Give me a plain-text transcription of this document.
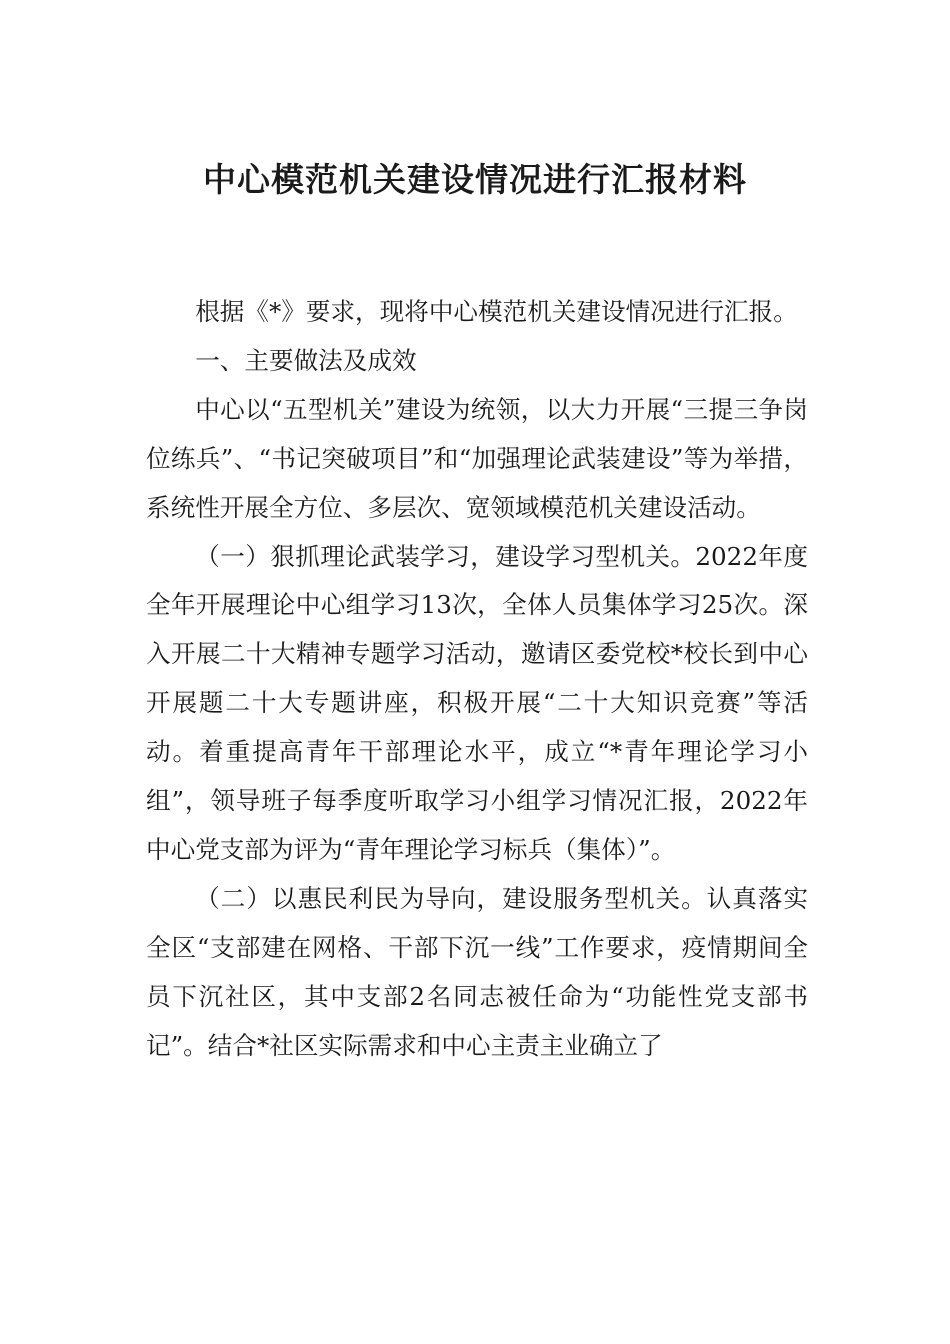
中心模范机关建设情况进行汇报材料

根据《*》要求，现将中心模范机关建设情况进行汇报。

一、主要做法及成效

中心以“五型机关”建设为统领，以大力开展“三提三争岗位练兵”、“书记突破项目”和“加强理论武装建设”等为举措，系统性开展全方位、多层次、宽领域模范机关建设活动。

（一）狠抓理论武装学习，建设学习型机关。2022年度全年开展理论中心组学习13次，全体人员集体学习25次。深入开展二十大精神专题学习活动，邀请区委党校*校长到中心开展题二十大专题讲座，积极开展“二十大知识竞赛”等活动。着重提高青年干部理论水平，成立“*青年理论学习小组”，领导班子每季度听取学习小组学习情况汇报，2022年中心党支部为评为“青年理论学习标兵（集体）”。

（二）以惠民利民为导向，建设服务型机关。认真落实全区“支部建在网格、干部下沉一线”工作要求，疫情期间全员下沉社区，其中支部2名同志被任命为“功能性党支部书记”。结合*社区实际需求和中心主责主业确立了
